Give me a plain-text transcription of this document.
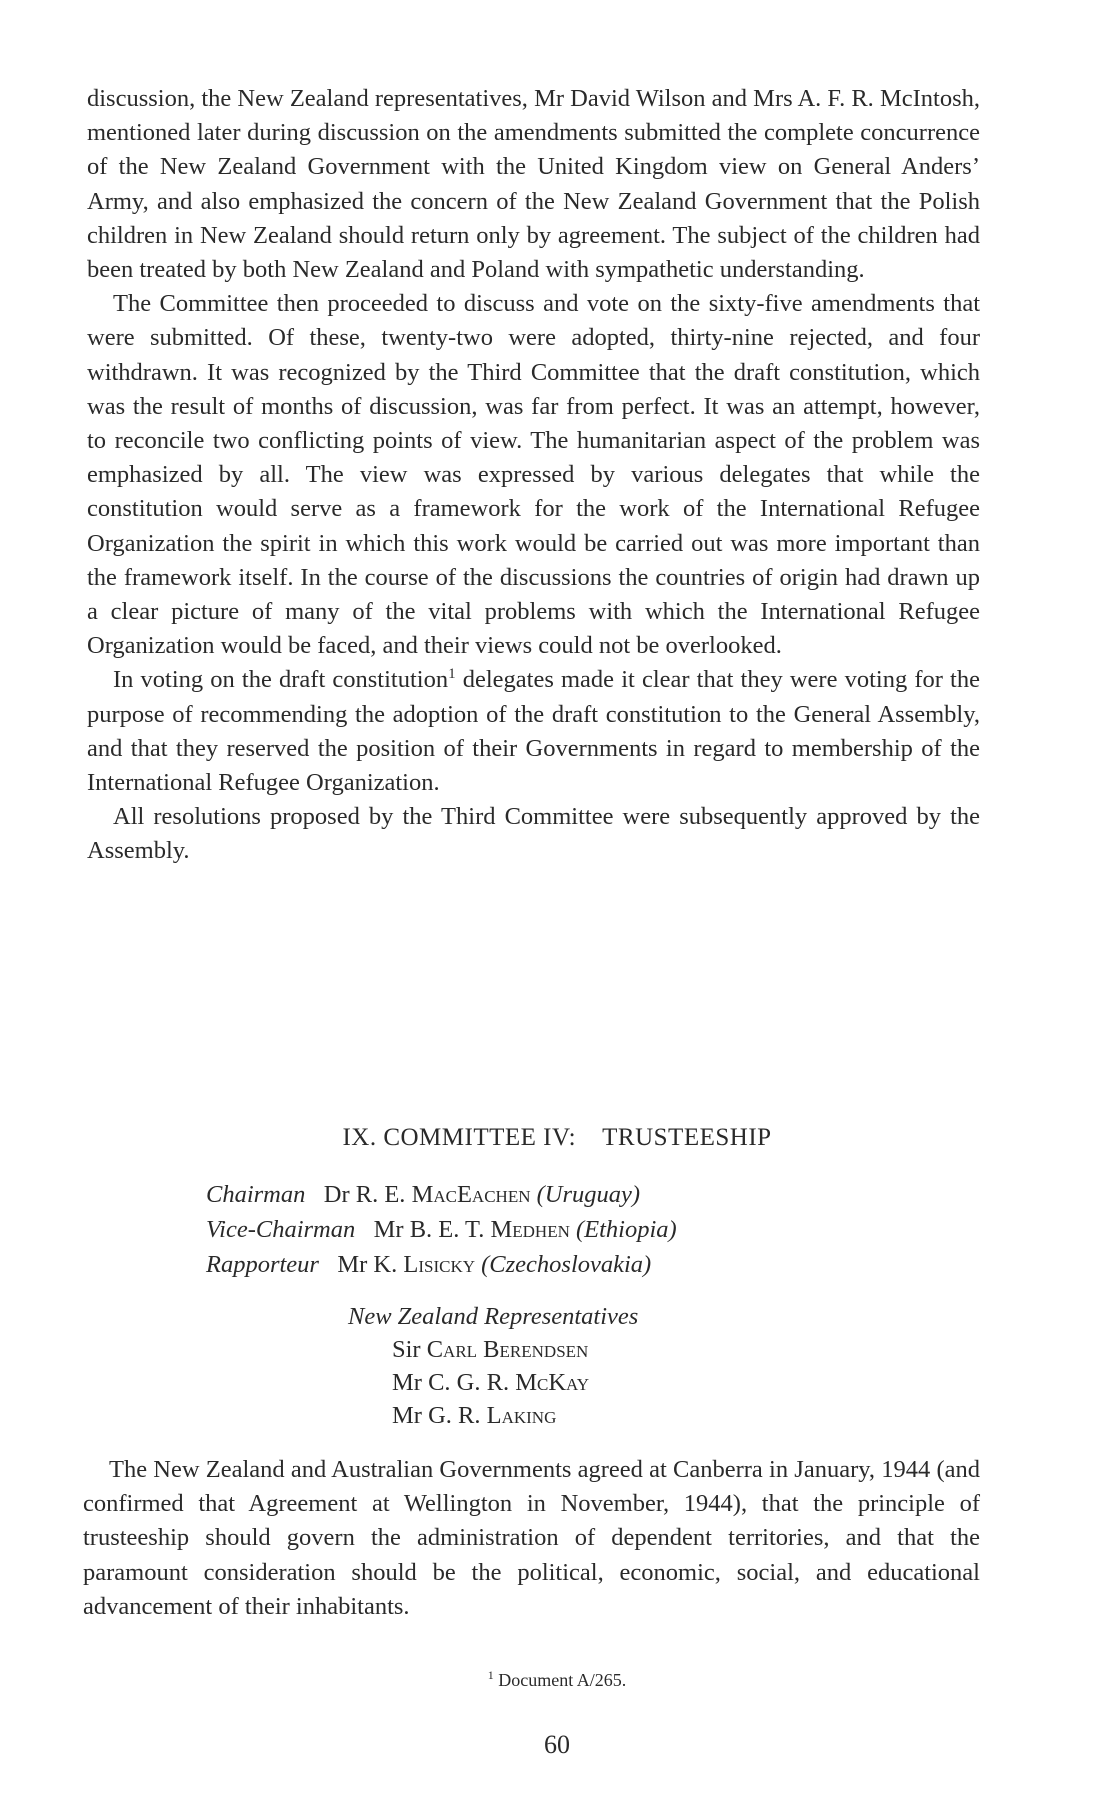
discussion, the New Zealand representatives, Mr David Wilson and Mrs A. F. R. McIntosh, mentioned later during discussion on the amendments submitted the complete concurrence of the New Zealand Government with the United Kingdom view on General Anders’ Army, and also emphasized the concern of the New Zealand Government that the Polish children in New Zealand should return only by agreement. The subject of the children had been treated by both New Zealand and Poland with sympathetic understanding.

The Committee then proceeded to discuss and vote on the sixty-five amendments that were submitted. Of these, twenty-two were adopted, thirty-nine rejected, and four withdrawn. It was recognized by the Third Committee that the draft constitution, which was the result of months of discussion, was far from perfect. It was an attempt, however, to reconcile two conflicting points of view. The humanitarian aspect of the problem was emphasized by all. The view was expressed by various delegates that while the constitution would serve as a framework for the work of the International Refugee Organization the spirit in which this work would be carried out was more important than the framework itself. In the course of the discussions the countries of origin had drawn up a clear picture of many of the vital problems with which the International Refugee Organization would be faced, and their views could not be overlooked.

In voting on the draft constitution$^1$ delegates made it clear that they were voting for the purpose of recommending the adoption of the draft constitution to the General Assembly, and that they reserved the position of their Governments in regard to membership of the International Refugee Organization.

All resolutions proposed by the Third Committee were subsequently approved by the Assembly.

IX. COMMITTEE IV: TRUSTEESHIP
Chairman Dr R. E. MacEachen (Uruguay)
Vice-Chairman Mr B. E. T. Medhen (Ethiopia)
Rapporteur Mr K. Lisicky (Czechoslovakia)
New Zealand Representatives
Sir Carl Berendsen
Mr C. G. R. McKay
Mr G. R. Laking

The New Zealand and Australian Governments agreed at Canberra in January, 1944 (and confirmed that Agreement at Wellington in November, 1944), that the principle of trusteeship should govern the administration of dependent territories, and that the paramount consideration should be the political, economic, social, and educational advancement of their inhabitants.

$^1$ Document A/265.
60
